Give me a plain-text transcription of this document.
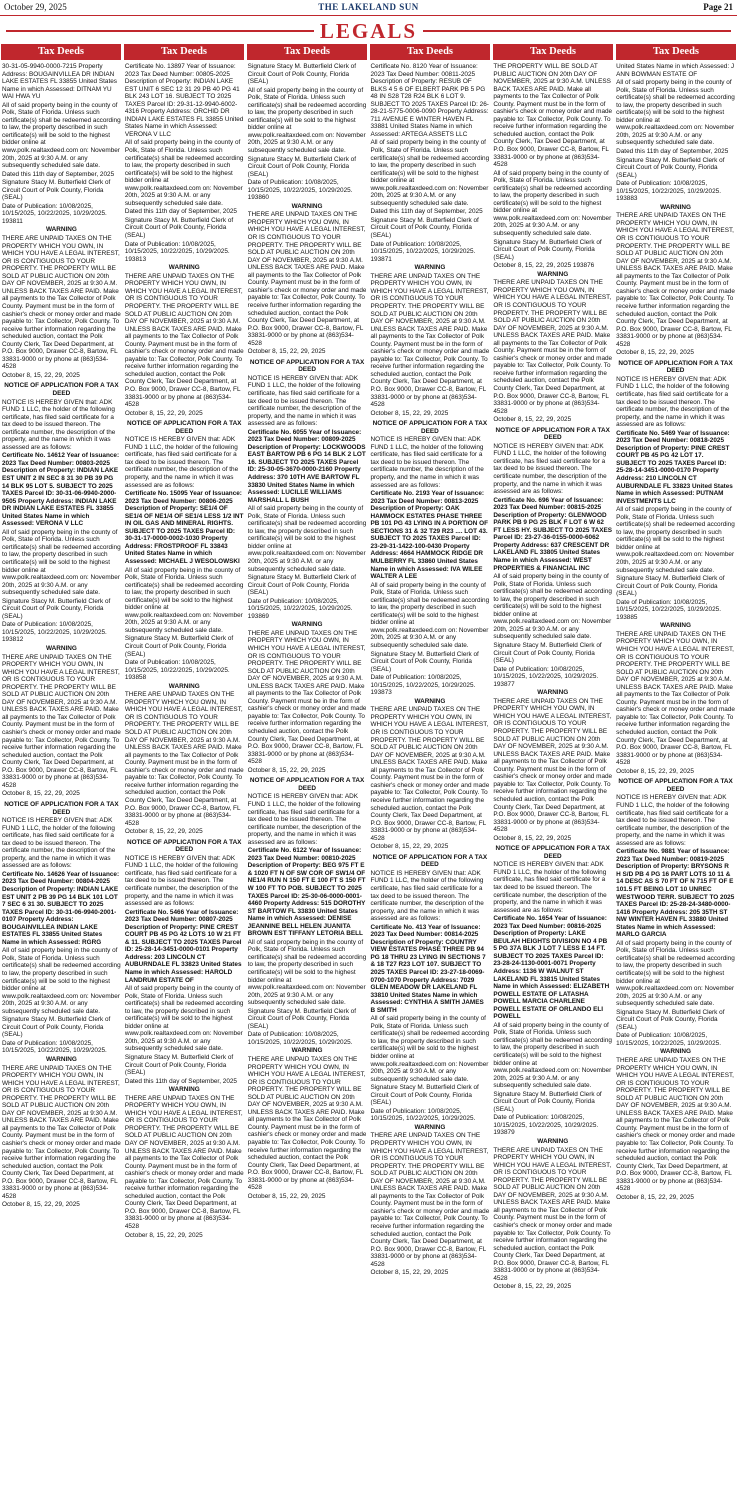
October 29, 2025	THE LAKELAND SUN	Page 21
LEGALS
Tax Deeds	Tax Deeds	Tax Deeds	Tax Deeds	Tax Deeds	Tax Deeds

30-31-05-9940-0000-7215 Property Address: BOUGAINVILLEA DR INDIAN LAKE ESTATES FL 33855 United States Name in which Assessed: DITNAM YU WAI HWA YU

All of said property being in the county of Polk, State of Florida. Unless such certificate(s) shall be redeemed according to law, the property described in such certificate(s) will be sold to the highest bidder online at www.polk.realtaxdeed.com on: November 20th, 2025 at 9:30 A.M. or any subsequently scheduled sale date.

Dated this 11th day of September, 2025

Signature Stacy M. Butterfield Clerk of Circuit Court of Polk County, Florida (SEAL)

Date of Publication: 10/08/2025, 10/15/2025, 10/22/2025, 10/29/2025. 193811

WARNING

THERE ARE UNPAID TAXES ON THE PROPERTY WHICH YOU OWN, IN WHICH YOU HAVE A LEGAL INTEREST, OR IS CONTIGUOUS TO YOUR PROPERTY. THE PROPERTY WILL BE SOLD AT PUBLIC AUCTION ON 20th DAY OF NOVEMBER, 2025 at 9:30 A.M. UNLESS BACK TAXES ARE PAID. Make all payments to the Tax Collector of Polk County. Payment must be in the form of cashier's check or money order and made payable to: Tax Collector, Polk County. To receive further information regarding the scheduled auction, contact the Polk County Clerk, Tax Deed Department, at P.O. Box 9000, Drawer CC-8, Bartow, FL 33831-9000 or by phone at (863)534-4528

October 8, 15, 22, 29, 2025

NOTICE OF APPLICATION FOR A TAX DEED

NOTICE IS HEREBY GIVEN that: ADK FUND 1 LLC, the holder of the following certificate, has filed said certificate for a tax deed to be issued thereon. The certificate number, the description of the property, and the name in which it was assessed are as follows:

Certificate No. 14612 Year of Issuance: 2023 Tax Deed Number: 00803-2025 Description of Property: INDIAN LAKE EST UNIT 2 IN SEC 8 31 30 PB 39 PG 14 BLK 95 LOT 5. SUBJECT TO 2025 TAXES Parcel ID: 30-31-06-9940-2000-9505 Property Address: INDIAN LAKE DR INDIAN LAKE ESTATES FL 33855 United States Name in which Assessed: VERONA V LLC

All of said property being in the county of Polk, State of Florida. Unless such certificate(s) shall be redeemed according to law, the property described in such certificate(s) will be sold to the highest bidder online at www.polk.realtaxdeed.com on: November 20th, 2025 at 9:30 A.M. or any subsequently scheduled sale date.

Signature Stacy M. Butterfield Clerk of Circuit Court of Polk County, Florida (SEAL)

Date of Publication: 10/08/2025, 10/15/2025, 10/22/2025, 10/29/2025. 193812

WARNING

THERE ARE UNPAID TAXES ON THE PROPERTY WHICH YOU OWN, IN WHICH YOU HAVE A LEGAL INTEREST, OR IS CONTIGUOUS TO YOUR PROPERTY. THE PROPERTY WILL BE SOLD AT PUBLIC AUCTION ON 20th DAY OF NOVEMBER, 2025 at 9:30 A.M. UNLESS BACK TAXES ARE PAID. Make all payments to the Tax Collector of Polk County. Payment must be in the form of cashier's check or money order and made payable to: Tax Collector, Polk County. To receive further information regarding the scheduled auction, contact the Polk County Clerk, Tax Deed Department, at P.O. Box 9000, Drawer CC-8, Bartow, FL 33831-9000 or by phone at (863)534-4528

October 8, 15, 22, 29, 2025

NOTICE OF APPLICATION FOR A TAX DEED

NOTICE IS HEREBY GIVEN that: ADK FUND 1 LLC, the holder of the following certificate, has filed said certificate for a tax deed to be issued thereon. The certificate number, the description of the property, and the name in which it was assessed are as follows:

Certificate No. 14626 Year of Issuance: 2023 Tax Deed Number: 00804-2025 Description of Property: INDIAN LAKE EST UNIT 2 PB 39 PG 14 BLK 101 LOT 7 SEC 6 31 30. SUBJECT TO 2025 TAXES Parcel ID: 30-31-06-9940-2001-0107 Property Address: BOUGAINVILLEA INDIAN LAKE ESTATES FL 33855 United States Name in which Assessed: RGRG

All of said property being in the county of Polk, State of Florida. Unless such certificate(s) shall be redeemed according to law, the property described in such certificate(s) will be sold to the highest bidder online at www.polk.realtaxdeed.com on: November 20th, 2025 at 9:30 A.M. or any subsequently scheduled sale date.

Signature Stacy M. Butterfield Clerk of Circuit Court of Polk County, Florida (SEAL)

Date of Publication: 10/08/2025, 10/15/2025, 10/22/2025, 10/29/2025.

WARNING

THERE ARE UNPAID TAXES ON THE PROPERTY WHICH YOU OWN, IN WHICH YOU HAVE A LEGAL INTEREST, OR IS CONTIGUOUS TO YOUR PROPERTY. THE PROPERTY WILL BE SOLD AT PUBLIC AUCTION ON 20th DAY OF NOVEMBER, 2025 at 9:30 A.M. UNLESS BACK TAXES ARE PAID. Make all payments to the Tax Collector of Polk County. Payment must be in the form of cashier's check or money order and made payable to: Tax Collector, Polk County. To receive further information regarding the scheduled auction, contact the Polk County Clerk, Tax Deed Department, at P.O. Box 9000, Drawer CC-8, Bartow, FL 33831-9000 or by phone at (863)534-4528

October 8, 15, 22, 29, 2025

Certificate No. 13897 Year of Issuance: 2023 Tax Deed Number: 00805-2025 Description of Property: INDIAN LAKE EST UNIT 6 SEC 12 31 29 PB 40 PG 41 BLK 243 LOT 16. SUBJECT TO 2025 TAXES Parcel ID: 29-31-12-9940-6002-4316 Property Address: ORCHID DR INDIAN LAKE ESTATES FL 33855 United States Name in which Assessed: VERONA V LLC

All of said property being in the county of Polk, State of Florida. Unless such certificate(s) shall be redeemed according to law, the property described in such certificate(s) will be sold to the highest bidder online at www.polk.realtaxdeed.com on: November 20th, 2025 at 9:30 A.M. or any subsequently scheduled sale date.

Dated this 11th day of September, 2025

Signature Stacy M. Butterfield Clerk of Circuit Court of Polk County, Florida (SEAL)

Date of Publication: 10/08/2025, 10/15/2025, 10/22/2025, 10/29/2025. 193813

WARNING

THERE ARE UNPAID TAXES ON THE PROPERTY WHICH YOU OWN, IN WHICH YOU HAVE A LEGAL INTEREST, OR IS CONTIGUOUS TO YOUR PROPERTY. THE PROPERTY WILL BE SOLD AT PUBLIC AUCTION ON 20th DAY OF NOVEMBER, 2025 at 9:30 A.M. UNLESS BACK TAXES ARE PAID. Make all payments to the Tax Collector of Polk County. Payment must be in the form of cashier's check or money order and made payable to: Tax Collector, Polk County. To receive further information regarding the scheduled auction, contact the Polk County Clerk, Tax Deed Department, at P.O. Box 9000, Drawer CC-8, Bartow, FL 33831-9000 or by phone at (863)534-4528

October 8, 15, 22, 29, 2025

NOTICE OF APPLICATION FOR A TAX DEED

NOTICE IS HEREBY GIVEN that: ADK FUND 1 LLC, the holder of the following certificate, has filed said certificate for a tax deed to be issued thereon. The certificate number, the description of the property, and the name in which it was assessed are as follows:

Certificate No. 15095 Year of Issuance: 2023 Tax Deed Number: 00806-2025 Description of Property: SE1/4 OF SE1/4 OF NE1/4 OF SE1/4 LESS 1/2 INT IN OIL GAS AND MINERAL RIGHTS. SUBJECT TO 2025 TAXES Parcel ID: 30-31-17-0000-0002-1030 Property Address: FROSTPROOF FL 33843 United States Name in which Assessed: MICHAEL J WESOLOWSKI

All of said property being in the county of Polk, State of Florida. Unless such certificate(s) shall be redeemed according to law, the property described in such certificate(s) will be sold to the highest bidder online at www.polk.realtaxdeed.com on: November 20th, 2025 at 9:30 A.M. or any subsequently scheduled sale date.

Signature Stacy M. Butterfield Clerk of Circuit Court of Polk County, Florida (SEAL)

Date of Publication: 10/08/2025, 10/15/2025, 10/22/2025, 10/29/2025. 193858

WARNING

THERE ARE UNPAID TAXES ON THE PROPERTY WHICH YOU OWN, IN WHICH YOU HAVE A LEGAL INTEREST, OR IS CONTIGUOUS TO YOUR PROPERTY. THE PROPERTY WILL BE SOLD AT PUBLIC AUCTION ON 20th DAY OF NOVEMBER, 2025 at 9:30 A.M. UNLESS BACK TAXES ARE PAID. Make all payments to the Tax Collector of Polk County. Payment must be in the form of cashier's check or money order and made payable to: Tax Collector, Polk County. To receive further information regarding the scheduled auction, contact the Polk County Clerk, Tax Deed Department, at P.O. Box 9000, Drawer CC-8, Bartow, FL 33831-9000 or by phone at (863)534-4528

October 8, 15, 22, 29, 2025

NOTICE OF APPLICATION FOR A TAX DEED

NOTICE IS HEREBY GIVEN that: ADK FUND 1 LLC, the holder of the following certificate, has filed said certificate for a tax deed to be issued thereon. The certificate number, the description of the property, and the name in which it was assessed are as follows:

Certificate No. 5466 Year of Issuance: 2023 Tax Deed Number: 00807-2025 Description of Property: PINE CREST COURT PB 45 PG 42 LOTS 10 W 21 FT & 11. SUBJECT TO 2025 TAXES Parcel ID: 25-28-14-3451-0000-0101 Property Address: 203 LINCOLN CT AUBURNDALE FL 33823 United States Name in which Assessed: HAROLD LANDRUM ESTATE OF

All of said property being in the county of Polk, State of Florida. Unless such certificate(s) shall be redeemed according to law, the property described in such certificate(s) will be sold to the highest bidder online at www.polk.realtaxdeed.com on: November 20th, 2025 at 9:30 A.M. or any subsequently scheduled sale date.

Signature Stacy M. Butterfield Clerk of Circuit Court of Polk County, Florida (SEAL)

Dated this 11th day of September, 2025

WARNING

THERE ARE UNPAID TAXES ON THE PROPERTY WHICH YOU OWN, IN WHICH YOU HAVE A LEGAL INTEREST, OR IS CONTIGUOUS TO YOUR PROPERTY. THE PROPERTY WILL BE SOLD AT PUBLIC AUCTION ON 20th DAY OF NOVEMBER, 2025 at 9:30 A.M. UNLESS BACK TAXES ARE PAID. Make all payments to the Tax Collector of Polk County. Payment must be in the form of cashier's check or money order and made payable to: Tax Collector, Polk County. To receive further information regarding the scheduled auction, contact the Polk County Clerk, Tax Deed Department, at P.O. Box 9000, Drawer CC-8, Bartow, FL 33831-9000 or by phone at (863)534-4528

October 8, 15, 22, 29, 2025

Signature Stacy M. Butterfield Clerk of Circuit Court of Polk County, Florida (SEAL)

All of said property being in the county of Polk, State of Florida. Unless such certificate(s) shall be redeemed according to law, the property described in such certificate(s) will be sold to the highest bidder online at www.polk.realtaxdeed.com on: November 20th, 2025 at 9:30 A.M. or any subsequently scheduled sale date.

Signature Stacy M. Butterfield Clerk of Circuit Court of Polk County, Florida (SEAL)

Date of Publication: 10/08/2025, 10/15/2025, 10/22/2025, 10/29/2025. 193860

WARNING

THERE ARE UNPAID TAXES ON THE PROPERTY WHICH YOU OWN, IN WHICH YOU HAVE A LEGAL INTEREST, OR IS CONTIGUOUS TO YOUR PROPERTY. THE PROPERTY WILL BE SOLD AT PUBLIC AUCTION ON 20th DAY OF NOVEMBER, 2025 at 9:30 A.M. UNLESS BACK TAXES ARE PAID. Make all payments to the Tax Collector of Polk County. Payment must be in the form of cashier's check or money order and made payable to: Tax Collector, Polk County. To receive further information regarding the scheduled auction, contact the Polk County Clerk, Tax Deed Department, at P.O. Box 9000, Drawer CC-8, Bartow, FL 33831-9000 or by phone at (863)534-4528

October 8, 15, 22, 29, 2025

NOTICE OF APPLICATION FOR A TAX DEED

NOTICE IS HEREBY GIVEN that: ADK FUND 1 LLC, the holder of the following certificate, has filed said certificate for a tax deed to be issued thereon. The certificate number, the description of the property, and the name in which it was assessed are as follows:

Certificate No. 6055 Year of Issuance: 2023 Tax Deed Number: 00809-2025 Description of Property: LOCKWOODS EAST BARTOW PB 6 PG 14 BLK 2 LOT 16. SUBJECT TO 2025 TAXES Parcel ID: 25-30-05-3670-0000-2160 Property Address: 370 10TH AVE BARTOW FL 33830 United States Name in which Assessed: LUCILLE WILLIAMS MARSHALL L BUSH

All of said property being in the county of Polk, State of Florida. Unless such certificate(s) shall be redeemed according to law, the property described in such certificate(s) will be sold to the highest bidder online at www.polk.realtaxdeed.com on: November 20th, 2025 at 9:30 A.M. or any subsequently scheduled sale date.

Signature Stacy M. Butterfield Clerk of Circuit Court of Polk County, Florida (SEAL)

Date of Publication: 10/08/2025, 10/15/2025, 10/22/2025, 10/29/2025. 193869

WARNING

THERE ARE UNPAID TAXES ON THE PROPERTY WHICH YOU OWN, IN WHICH YOU HAVE A LEGAL INTEREST, OR IS CONTIGUOUS TO YOUR PROPERTY. THE PROPERTY WILL BE SOLD AT PUBLIC AUCTION ON 20th DAY OF NOVEMBER, 2025 at 9:30 A.M. UNLESS BACK TAXES ARE PAID. Make all payments to the Tax Collector of Polk County. Payment must be in the form of cashier's check or money order and made payable to: Tax Collector, Polk County. To receive further information regarding the scheduled auction, contact the Polk County Clerk, Tax Deed Department, at P.O. Box 9000, Drawer CC-8, Bartow, FL 33831-9000 or by phone at (863)534-4528

October 8, 15, 22, 29, 2025

NOTICE OF APPLICATION FOR A TAX DEED

NOTICE IS HEREBY GIVEN that: ADK FUND 1 LLC, the holder of the following certificate, has filed said certificate for a tax deed to be issued thereon. The certificate number, the description of the property, and the name in which it was assessed are as follows:

Certificate No. 6122 Year of Issuance: 2023 Tax Deed Number: 00810-2025 Description of Property: BEG 975 FT E & 1020 FT N OF SW COR OF SW1/4 OF NE1/4 RUN N 150 FT E 100 FT S 150 FT W 100 FT TO POB. SUBJECT TO 2025 TAXES Parcel ID: 25-30-06-0000-0001-4460 Property Address: 515 DOROTHY ST BARTOW FL 33830 United States Name in which Assessed: DENISE JEANNINE BELL HELEN JUANITA BROWN EST TIFFANY LETORIA BELL

All of said property being in the county of Polk, State of Florida. Unless such certificate(s) shall be redeemed according to law, the property described in such certificate(s) will be sold to the highest bidder online at www.polk.realtaxdeed.com on: November 20th, 2025 at 9:30 A.M. or any subsequently scheduled sale date.

Signature Stacy M. Butterfield Clerk of Circuit Court of Polk County, Florida (SEAL)

Date of Publication: 10/08/2025, 10/15/2025, 10/22/2025, 10/29/2025.

WARNING

THERE ARE UNPAID TAXES ON THE PROPERTY WHICH YOU OWN, IN WHICH YOU HAVE A LEGAL INTEREST, OR IS CONTIGUOUS TO YOUR PROPERTY. THE PROPERTY WILL BE SOLD AT PUBLIC AUCTION ON 20th DAY OF NOVEMBER, 2025 at 9:30 A.M. UNLESS BACK TAXES ARE PAID. Make all payments to the Tax Collector of Polk County. Payment must be in the form of cashier's check or money order and made payable to: Tax Collector, Polk County. To receive further information regarding the scheduled auction, contact the Polk County Clerk, Tax Deed Department, at P.O. Box 9000, Drawer CC-8, Bartow, FL 33831-9000 or by phone at (863)534-4528

October 8, 15, 22, 29, 2025

Certificate No. 8120 Year of Issuance: 2023 Tax Deed Number: 00811-2025 Description of Property: RESUB OF BLKS 4 5 6 OF ELBERT PARK PB 5 PG 48 IN S28 T28 R24 BLK 6 LOT 9. SUBJECT TO 2025 TAXES Parcel ID: 26-28-21-5775-0006-0090 Property Address: 711 AVENUE E WINTER HAVEN FL 33881 United States Name in which Assessed: ARTEGA ASSETS LLC

All of said property being in the county of Polk, State of Florida. Unless such certificate(s) shall be redeemed according to law, the property described in such certificate(s) will be sold to the highest bidder online at www.polk.realtaxdeed.com on: November 20th, 2025 at 9:30 A.M. or any subsequently scheduled sale date.

Dated this 11th day of September, 2025

Signature Stacy M. Butterfield Clerk of Circuit Court of Polk County, Florida (SEAL)

Date of Publication: 10/08/2025, 10/15/2025, 10/22/2025, 10/29/2025. 193871

WARNING

THERE ARE UNPAID TAXES ON THE PROPERTY WHICH YOU OWN, IN WHICH YOU HAVE A LEGAL INTEREST, OR IS CONTIGUOUS TO YOUR PROPERTY. THE PROPERTY WILL BE SOLD AT PUBLIC AUCTION ON 20th DAY OF NOVEMBER, 2025 at 9:30 A.M. UNLESS BACK TAXES ARE PAID. Make all payments to the Tax Collector of Polk County. Payment must be in the form of cashier's check or money order and made payable to: Tax Collector, Polk County. To receive further information regarding the scheduled auction, contact the Polk County Clerk, Tax Deed Department, at P.O. Box 9000, Drawer CC-8, Bartow, FL 33831-9000 or by phone at (863)534-4528

October 8, 15, 22, 29, 2025

NOTICE OF APPLICATION FOR A TAX DEED

NOTICE IS HEREBY GIVEN that: ADK FUND 1 LLC, the holder of the following certificate, has filed said certificate for a tax deed to be issued thereon. The certificate number, the description of the property, and the name in which it was assessed are as follows:

Certificate No. 2193 Year of Issuance: 2023 Tax Deed Number: 00813-2025 Description of Property: OAK HAMMOCK ESTATES PHASE THREE PB 101 PG 43 LYING IN A PORTION OF SECTIONS 31 & 32 T29 R23 .... LOT 43. SUBJECT TO 2025 TAXES Parcel ID: 23-29-31-1422-100-0430 Property Address: 4664 HAMMOCK RIDGE DR MULBERRY FL 33860 United States Name in which Assessed: IVA WILEE WALTER A LEE

All of said property being in the county of Polk, State of Florida. Unless such certificate(s) shall be redeemed according to law, the property described in such certificate(s) will be sold to the highest bidder online at www.polk.realtaxdeed.com on: November 20th, 2025 at 9:30 A.M. or any subsequently scheduled sale date.

Signature Stacy M. Butterfield Clerk of Circuit Court of Polk County, Florida (SEAL)

Date of Publication: 10/08/2025, 10/15/2025, 10/22/2025, 10/29/2025. 193873

WARNING

THERE ARE UNPAID TAXES ON THE PROPERTY WHICH YOU OWN, IN WHICH YOU HAVE A LEGAL INTEREST, OR IS CONTIGUOUS TO YOUR PROPERTY. THE PROPERTY WILL BE SOLD AT PUBLIC AUCTION ON 20th DAY OF NOVEMBER, 2025 at 9:30 A.M. UNLESS BACK TAXES ARE PAID. Make all payments to the Tax Collector of Polk County. Payment must be in the form of cashier's check or money order and made payable to: Tax Collector, Polk County. To receive further information regarding the scheduled auction, contact the Polk County Clerk, Tax Deed Department, at P.O. Box 9000, Drawer CC-8, Bartow, FL 33831-9000 or by phone at (863)534-4528

October 8, 15, 22, 29, 2025

NOTICE OF APPLICATION FOR A TAX DEED

NOTICE IS HEREBY GIVEN that: ADK FUND 1 LLC, the holder of the following certificate, has filed said certificate for a tax deed to be issued thereon. The certificate number, the description of the property, and the name in which it was assessed are as follows:

Certificate No. 413 Year of Issuance: 2023 Tax Deed Number: 00814-2025 Description of Property: COUNTRY VIEW ESTATES PHASE THREE PB 94 PG 18 THRU 23 LYING IN SECTIONS 7 & 18 T27 R23 LOT 107. SUBJECT TO 2025 TAXES Parcel ID: 23-27-18-0069-0700-1070 Property Address: 7029 GLEN MEADOW DR LAKELAND FL 33810 United States Name in which Assessed: CYNTHIA A SMITH JAMES B SMITH

All of said property being in the county of Polk, State of Florida. Unless such certificate(s) shall be redeemed according to law, the property described in such certificate(s) will be sold to the highest bidder online at www.polk.realtaxdeed.com on: November 20th, 2025 at 9:30 A.M. or any subsequently scheduled sale date.

Signature Stacy M. Butterfield Clerk of Circuit Court of Polk County, Florida (SEAL)

Date of Publication: 10/08/2025, 10/15/2025, 10/22/2025, 10/29/2025.

WARNING

THERE ARE UNPAID TAXES ON THE PROPERTY WHICH YOU OWN, IN WHICH YOU HAVE A LEGAL INTEREST, OR IS CONTIGUOUS TO YOUR PROPERTY. THE PROPERTY WILL BE SOLD AT PUBLIC AUCTION ON 20th DAY OF NOVEMBER, 2025 at 9:30 A.M. UNLESS BACK TAXES ARE PAID. Make all payments to the Tax Collector of Polk County. Payment must be in the form of cashier's check or money order and made payable to: Tax Collector, Polk County. To receive further information regarding the scheduled auction, contact the Polk County Clerk, Tax Deed Department, at P.O. Box 9000, Drawer CC-8, Bartow, FL 33831-9000 or by phone at (863)534-4528

October 8, 15, 22, 29, 2025

THE PROPERTY WILL BE SOLD AT PUBLIC AUCTION ON 20th DAY OF NOVEMBER, 2025 at 9:30 A.M. UNLESS BACK TAXES ARE PAID. Make all payments to the Tax Collector of Polk County. Payment must be in the form of cashier's check or money order and made payable to: Tax Collector, Polk County. To receive further information regarding the scheduled auction, contact the Polk County Clerk, Tax Deed Department, at P.O. Box 9000, Drawer CC-8, Bartow, FL 33831-9000 or by phone at (863)534-4528

All of said property being in the county of Polk, State of Florida. Unless such certificate(s) shall be redeemed according to law, the property described in such certificate(s) will be sold to the highest bidder online at www.polk.realtaxdeed.com on: November 20th, 2025 at 9:30 A.M. or any subsequently scheduled sale date.

Signature Stacy M. Butterfield Clerk of Circuit Court of Polk County, Florida (SEAL)

October 8, 15, 22, 29, 2025 193876

WARNING

THERE ARE UNPAID TAXES ON THE PROPERTY WHICH YOU OWN, IN WHICH YOU HAVE A LEGAL INTEREST, OR IS CONTIGUOUS TO YOUR PROPERTY. THE PROPERTY WILL BE SOLD AT PUBLIC AUCTION ON 20th DAY OF NOVEMBER, 2025 at 9:30 A.M. UNLESS BACK TAXES ARE PAID. Make all payments to the Tax Collector of Polk County. Payment must be in the form of cashier's check or money order and made payable to: Tax Collector, Polk County. To receive further information regarding the scheduled auction, contact the Polk County Clerk, Tax Deed Department, at P.O. Box 9000, Drawer CC-8, Bartow, FL 33831-9000 or by phone at (863)534-4528

October 8, 15, 22, 29, 2025

NOTICE OF APPLICATION FOR A TAX DEED

NOTICE IS HEREBY GIVEN that: ADK FUND 1 LLC, the holder of the following certificate, has filed said certificate for a tax deed to be issued thereon. The certificate number, the description of the property, and the name in which it was assessed are as follows:

Certificate No. 696 Year of Issuance: 2023 Tax Deed Number: 00815-2025 Description of Property: GLENWOOD PARK PB 9 PG 25 BLK F LOT 6 W 62 FT LESS HY. SUBJECT TO 2025 TAXES Parcel ID: 23-27-36-0155-0000-6062 Property Address: 637 CRESCENT DR LAKELAND FL 33805 United States Name in which Assessed: WEST PROPERTIES & FINANCIAL INC

All of said property being in the county of Polk, State of Florida. Unless such certificate(s) shall be redeemed according to law, the property described in such certificate(s) will be sold to the highest bidder online at www.polk.realtaxdeed.com on: November 20th, 2025 at 9:30 A.M. or any subsequently scheduled sale date.

Signature Stacy M. Butterfield Clerk of Circuit Court of Polk County, Florida (SEAL)

Date of Publication: 10/08/2025, 10/15/2025, 10/22/2025, 10/29/2025. 193877

WARNING

THERE ARE UNPAID TAXES ON THE PROPERTY WHICH YOU OWN, IN WHICH YOU HAVE A LEGAL INTEREST, OR IS CONTIGUOUS TO YOUR PROPERTY. THE PROPERTY WILL BE SOLD AT PUBLIC AUCTION ON 20th DAY OF NOVEMBER, 2025 at 9:30 A.M. UNLESS BACK TAXES ARE PAID. Make all payments to the Tax Collector of Polk County. Payment must be in the form of cashier's check or money order and made payable to: Tax Collector, Polk County. To receive further information regarding the scheduled auction, contact the Polk County Clerk, Tax Deed Department, at P.O. Box 9000, Drawer CC-8, Bartow, FL 33831-9000 or by phone at (863)534-4528

October 8, 15, 22, 29, 2025

NOTICE OF APPLICATION FOR A TAX DEED

NOTICE IS HEREBY GIVEN that: ADK FUND 1 LLC, the holder of the following certificate, has filed said certificate for a tax deed to be issued thereon. The certificate number, the description of the property, and the name in which it was assessed are as follows:

Certificate No. 1654 Year of Issuance: 2023 Tax Deed Number: 00816-2025 Description of Property: LAKE BEULAH HEIGHTS DIVISION NO 4 PB 5 PG 37A BLK J LOT 7 LESS E 14 FT. SUBJECT TO 2025 TAXES Parcel ID: 23-28-24-1130-0001-0071 Property Address: 1136 W WALNUT ST LAKELAND FL 33815 United States Name in which Assessed: ELIZABETH POWELL ESTATE OF LATASHA POWELL MARCIA CHARLENE POWELL ESTATE OF ORLANDO ELI POWELL

All of said property being in the county of Polk, State of Florida. Unless such certificate(s) shall be redeemed according to law, the property described in such certificate(s) will be sold to the highest bidder online at www.polk.realtaxdeed.com on: November 20th, 2025 at 9:30 A.M. or any subsequently scheduled sale date.

Signature Stacy M. Butterfield Clerk of Circuit Court of Polk County, Florida (SEAL)

Date of Publication: 10/08/2025, 10/15/2025, 10/22/2025, 10/29/2025. 193879

WARNING

THERE ARE UNPAID TAXES ON THE PROPERTY WHICH YOU OWN, IN WHICH YOU HAVE A LEGAL INTEREST, OR IS CONTIGUOUS TO YOUR PROPERTY. THE PROPERTY WILL BE SOLD AT PUBLIC AUCTION ON 20th DAY OF NOVEMBER, 2025 at 9:30 A.M. UNLESS BACK TAXES ARE PAID. Make all payments to the Tax Collector of Polk County. Payment must be in the form of cashier's check or money order and made payable to: Tax Collector, Polk County. To receive further information regarding the scheduled auction, contact the Polk County Clerk, Tax Deed Department, at P.O. Box 9000, Drawer CC-8, Bartow, FL 33831-9000 or by phone at (863)534-4528

October 8, 15, 22, 29, 2025

United States Name in which Assessed: J ANN BOWMAN ESTATE OF

All of said property being in the county of Polk, State of Florida. Unless such certificate(s) shall be redeemed according to law, the property described in such certificate(s) will be sold to the highest bidder online at www.polk.realtaxdeed.com on: November 20th, 2025 at 9:30 A.M. or any subsequently scheduled sale date.

Dated this 11th day of September, 2025

Signature Stacy M. Butterfield Clerk of Circuit Court of Polk County, Florida (SEAL)

Date of Publication: 10/08/2025, 10/15/2025, 10/22/2025, 10/29/2025. 193883

WARNING

THERE ARE UNPAID TAXES ON THE PROPERTY WHICH YOU OWN, IN WHICH YOU HAVE A LEGAL INTEREST, OR IS CONTIGUOUS TO YOUR PROPERTY. THE PROPERTY WILL BE SOLD AT PUBLIC AUCTION ON 20th DAY OF NOVEMBER, 2025 at 9:30 A.M. UNLESS BACK TAXES ARE PAID. Make all payments to the Tax Collector of Polk County. Payment must be in the form of cashier's check or money order and made payable to: Tax Collector, Polk County. To receive further information regarding the scheduled auction, contact the Polk County Clerk, Tax Deed Department, at P.O. Box 9000, Drawer CC-8, Bartow, FL 33831-9000 or by phone at (863)534-4528

October 8, 15, 22, 29, 2025

NOTICE OF APPLICATION FOR A TAX DEED

NOTICE IS HEREBY GIVEN that: ADK FUND 1 LLC, the holder of the following certificate, has filed said certificate for a tax deed to be issued thereon. The certificate number, the description of the property, and the name in which it was assessed are as follows:

Certificate No. 5469 Year of Issuance: 2023 Tax Deed Number: 00818-2025 Description of Property: PINE CREST COURT PB 45 PG 42 LOT 17. SUBJECT TO 2025 TAXES Parcel ID: 25-28-14-3451-0000-0170 Property Address: 210 LINCOLN CT AUBURNDALE FL 33823 United States Name in which Assessed: PUTNAM INVESTMENTS LLC

All of said property being in the county of Polk, State of Florida. Unless such certificate(s) shall be redeemed according to law, the property described in such certificate(s) will be sold to the highest bidder online at www.polk.realtaxdeed.com on: November 20th, 2025 at 9:30 A.M. or any subsequently scheduled sale date.

Signature Stacy M. Butterfield Clerk of Circuit Court of Polk County, Florida (SEAL)

Date of Publication: 10/08/2025, 10/15/2025, 10/22/2025, 10/29/2025. 193885

WARNING

THERE ARE UNPAID TAXES ON THE PROPERTY WHICH YOU OWN, IN WHICH YOU HAVE A LEGAL INTEREST, OR IS CONTIGUOUS TO YOUR PROPERTY. THE PROPERTY WILL BE SOLD AT PUBLIC AUCTION ON 20th DAY OF NOVEMBER, 2025 at 9:30 A.M. UNLESS BACK TAXES ARE PAID. Make all payments to the Tax Collector of Polk County. Payment must be in the form of cashier's check or money order and made payable to: Tax Collector, Polk County. To receive further information regarding the scheduled auction, contact the Polk County Clerk, Tax Deed Department, at P.O. Box 9000, Drawer CC-8, Bartow, FL 33831-9000 or by phone at (863)534-4528

October 8, 15, 22, 29, 2025

NOTICE OF APPLICATION FOR A TAX DEED

NOTICE IS HEREBY GIVEN that: ADK FUND 1 LLC, the holder of the following certificate, has filed said certificate for a tax deed to be issued thereon. The certificate number, the description of the property, and the name in which it was assessed are as follows:

Certificate No. 9881 Year of Issuance: 2023 Tax Deed Number: 00819-2025 Description of Property: BRYSONS R H S/D PB 4 PG 16 PART LOTS 10 11 & 14 DESC AS S 70 FT OF N 715 FT OF E 101.5 FT BEING LOT 10 UNREC WESTWOOD TERR. SUBJECT TO 2025 TAXES Parcel ID: 25-28-24-3480-0000-1416 Property Address: 205 35TH ST NW WINTER HAVEN FL 33880 United States Name in which Assessed: MARLO GARCIA

All of said property being in the county of Polk, State of Florida. Unless such certificate(s) shall be redeemed according to law, the property described in such certificate(s) will be sold to the highest bidder online at www.polk.realtaxdeed.com on: November 20th, 2025 at 9:30 A.M. or any subsequently scheduled sale date.

Signature Stacy M. Butterfield Clerk of Circuit Court of Polk County, Florida (SEAL)

Date of Publication: 10/08/2025, 10/15/2025, 10/22/2025, 10/29/2025.

WARNING

THERE ARE UNPAID TAXES ON THE PROPERTY WHICH YOU OWN, IN WHICH YOU HAVE A LEGAL INTEREST, OR IS CONTIGUOUS TO YOUR PROPERTY. THE PROPERTY WILL BE SOLD AT PUBLIC AUCTION ON 20th DAY OF NOVEMBER, 2025 at 9:30 A.M. UNLESS BACK TAXES ARE PAID. Make all payments to the Tax Collector of Polk County. Payment must be in the form of cashier's check or money order and made payable to: Tax Collector, Polk County. To receive further information regarding the scheduled auction, contact the Polk County Clerk, Tax Deed Department, at P.O. Box 9000, Drawer CC-8, Bartow, FL 33831-9000 or by phone at (863)534-4528

October 8, 15, 22, 29, 2025
